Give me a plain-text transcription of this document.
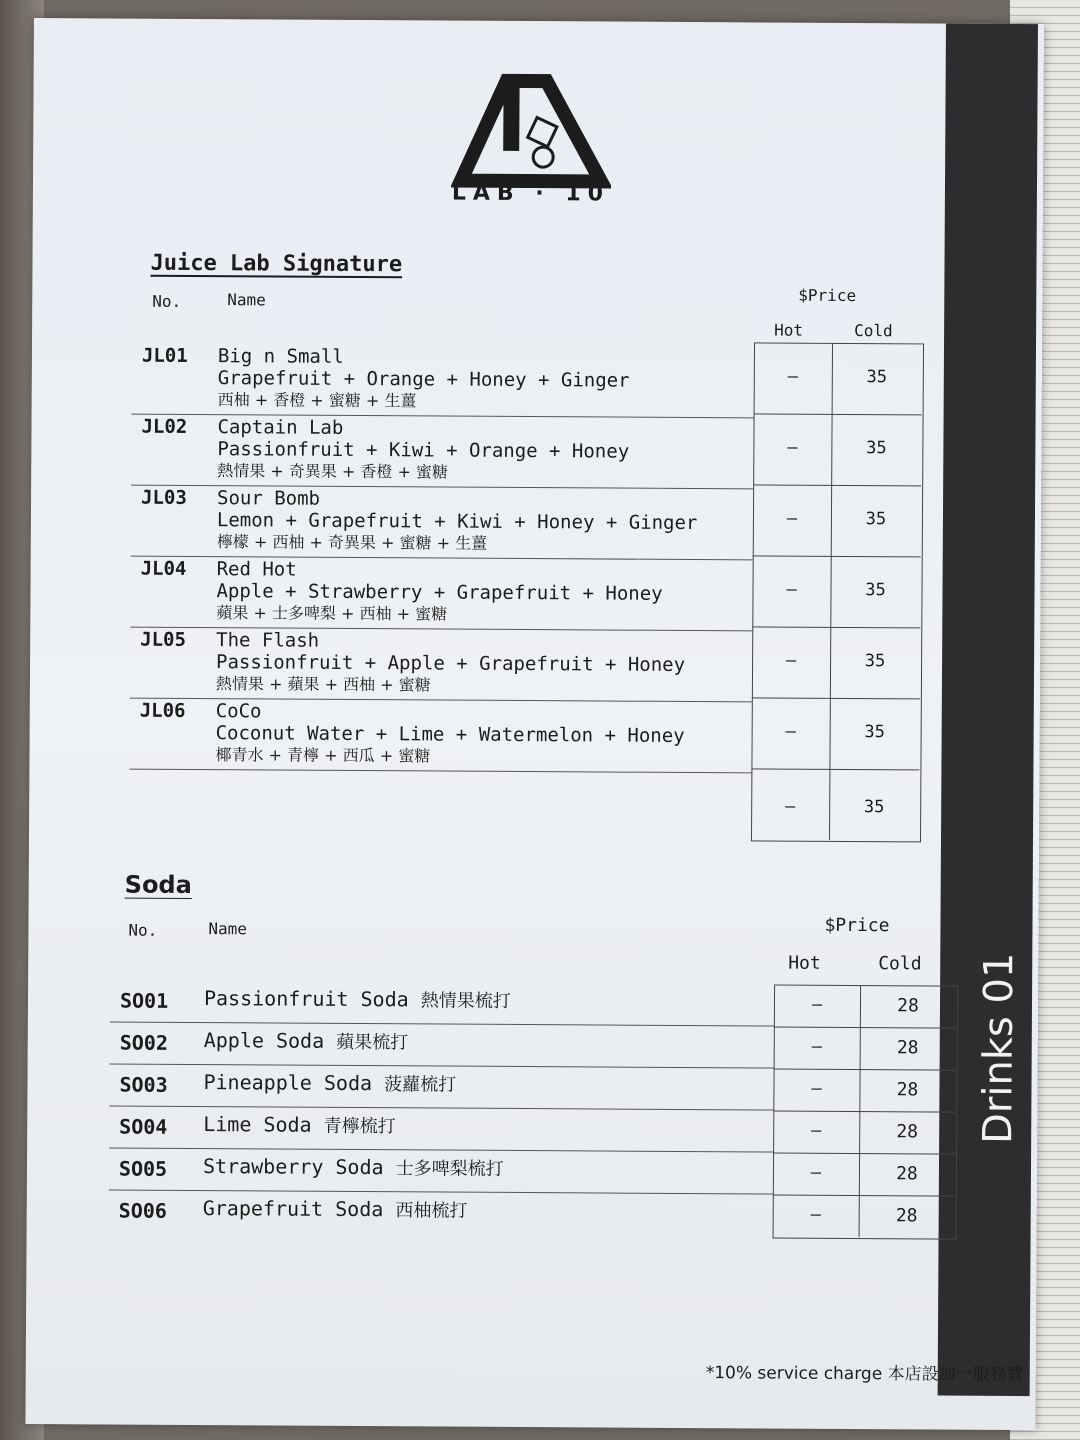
Drinks 01
LAB · 10
Juice Lab Signature
No.	Name	$Price
Hot	Cold
JL01 Big n Small
Grapefruit + Orange + Honey + Ginger
西柚 + 香橙 + 蜜糖 + 生薑
–	35
JL02 Captain Lab
Passionfruit + Kiwi + Orange + Honey
熱情果 + 奇異果 + 香橙 + 蜜糖
–	35
JL03 Sour Bomb
Lemon + Grapefruit + Kiwi + Honey + Ginger
檸檬 + 西柚 + 奇異果 + 蜜糖 + 生薑
–	35
JL04 Red Hot
Apple + Strawberry + Grapefruit + Honey
蘋果 + 士多啤梨 + 西柚 + 蜜糖
–	35
JL05 The Flash
Passionfruit + Apple + Grapefruit + Honey
熱情果 + 蘋果 + 西柚 + 蜜糖
–	35
JL06 CoCo
Coconut Water + Lime + Watermelon + Honey
椰青水 + 青檸 + 西瓜 + 蜜糖
–	35
–	35
Soda
No.	Name	$Price
Hot	Cold
SO01 Passionfruit Soda 熱情果梳打	–	28
SO02 Apple Soda 蘋果梳打	–	28
SO03 Pineapple Soda 菠蘿梳打	–	28
SO04 Lime Soda 青檸梳打	–	28
SO05 Strawberry Soda 士多啤梨梳打	–	28
SO06 Grapefruit Soda 西柚梳打	–	28
*10% service charge 本店設加一服務費
